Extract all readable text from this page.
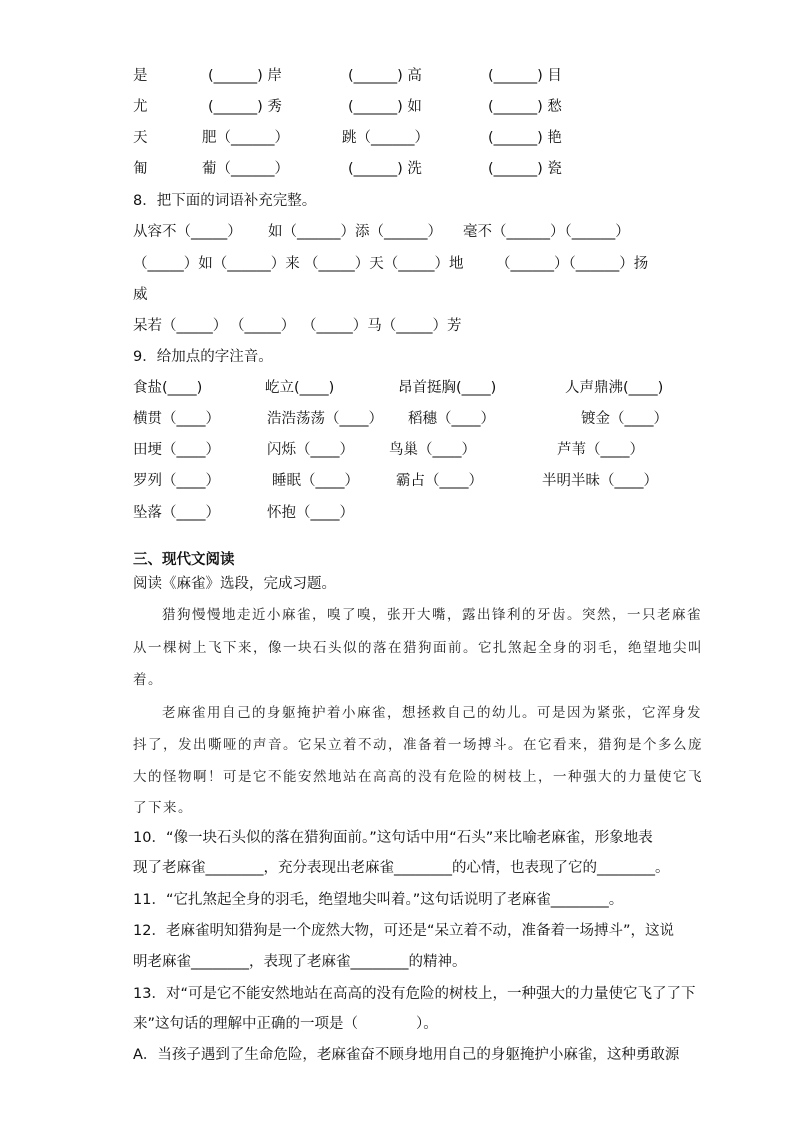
是	(______) 岸	(______) 高	(______) 目
尤	(______) 秀	(______) 如	(______) 愁
天	肥（______）	跳（______）	(______) 艳
匍	葡（______）	(______) 洗	(______) 瓷
8．把下面的词语补充完整。
从容不（_____） 如（______）添（______） 毫不（______）（______）
（_____）如（______）来 （_____）天（_____）地 （______）（______）扬
威
呆若（_____） （_____） （_____）马（_____）芳
9．给加点的字注音。
食盐(____)	屹立(____)	昂首挺胸(____)	人声鼎沸(____)
横贯（____）	浩浩荡荡（____） 稻穗（____）	镀金（____）
田埂（____）	闪烁（____） 鸟巢（____）	芦苇（____）
罗列（____）	睡眠（____）	霸占（____）	半明半昧（____）
坠落（____）	怀抱（____）
三、现代文阅读
阅读《麻雀》选段，完成习题。
猎狗慢慢地走近小麻雀，嗅了嗅，张开大嘴，露出锋利的牙齿。突然，一只老麻雀
从一棵树上飞下来，像一块石头似的落在猎狗面前。它扎煞起全身的羽毛，绝望地尖叫
着。
老麻雀用自己的身躯掩护着小麻雀，想拯救自己的幼儿。可是因为紧张，它浑身发
抖了，发出嘶哑的声音。它呆立着不动，准备着一场搏斗。在它看来，猎狗是个多么庞
大的怪物啊！可是它不能安然地站在高高的没有危险的树枝上，一种强大的力量使它飞
了下来。
10．“像一块石头似的落在猎狗面前。”这句话中用“石头”来比喻老麻雀，形象地表
现了老麻雀________，充分表现出老麻雀________的心情，也表现了它的________。
11．“它扎煞起全身的羽毛，绝望地尖叫着。”这句话说明了老麻雀________。
12．老麻雀明知猎狗是一个庞然大物，可还是“呆立着不动，准备着一场搏斗”，这说
明老麻雀________，表现了老麻雀________的精神。
13．对“可是它不能安然地站在高高的没有危险的树枝上，一种强大的力量使它飞了了下
来”这句话的理解中正确的一项是（　　　　）。
A．当孩子遇到了生命危险，老麻雀奋不顾身地用自己的身躯掩护小麻雀，这种勇敢源
